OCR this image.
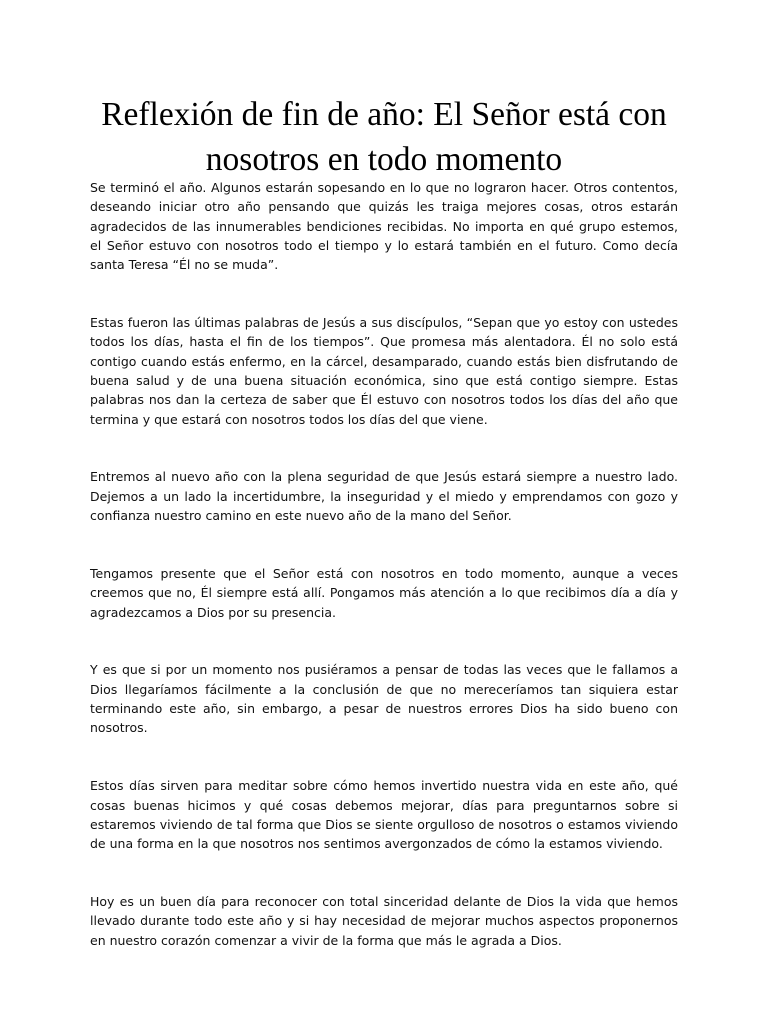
Reflexión de fin de año: El Señor está con nosotros en todo momento

Se terminó el año. Algunos estarán sopesando en lo que no lograron hacer. Otros contentos, deseando iniciar otro año pensando que quizás les traiga mejores cosas, otros estarán agradecidos de las innumerables bendiciones recibidas. No importa en qué grupo estemos, el Señor estuvo con nosotros todo el tiempo y lo estará también en el futuro. Como decía santa Teresa “Él no se muda”.

Estas fueron las últimas palabras de Jesús a sus discípulos, “Sepan que yo estoy con ustedes todos los días, hasta el fin de los tiempos”. Que promesa más alentadora. Él no solo está contigo cuando estás enfermo, en la cárcel, desamparado, cuando estás bien disfrutando de buena salud y de una buena situación económica, sino que está contigo siempre. Estas palabras nos dan la certeza de saber que Él estuvo con nosotros todos los días del año que termina y que estará con nosotros todos los días del que viene.

Entremos al nuevo año con la plena seguridad de que Jesús estará siempre a nuestro lado. Dejemos a un lado la incertidumbre, la inseguridad y el miedo y emprendamos con gozo y confianza nuestro camino en este nuevo año de la mano del Señor.

Tengamos presente que el Señor está con nosotros en todo momento, aunque a veces creemos que no, Él siempre está allí. Pongamos más atención a lo que recibimos día a día y agradezcamos a Dios por su presencia.

Y es que si por un momento nos pusiéramos a pensar de todas las veces que le fallamos a Dios llegaríamos fácilmente a la conclusión de que no mereceríamos tan siquiera estar terminando este año, sin embargo, a pesar de nuestros errores Dios ha sido bueno con nosotros.

Estos días sirven para meditar sobre cómo hemos invertido nuestra vida en este año, qué cosas buenas hicimos y qué cosas debemos mejorar, días para preguntarnos sobre si estaremos viviendo de tal forma que Dios se siente orgulloso de nosotros o estamos viviendo de una forma en la que nosotros nos sentimos avergonzados de cómo la estamos viviendo.

Hoy es un buen día para reconocer con total sinceridad delante de Dios la vida que hemos llevado durante todo este año y si hay necesidad de mejorar muchos aspectos proponernos en nuestro corazón comenzar a vivir de la forma que más le agrada a Dios.
